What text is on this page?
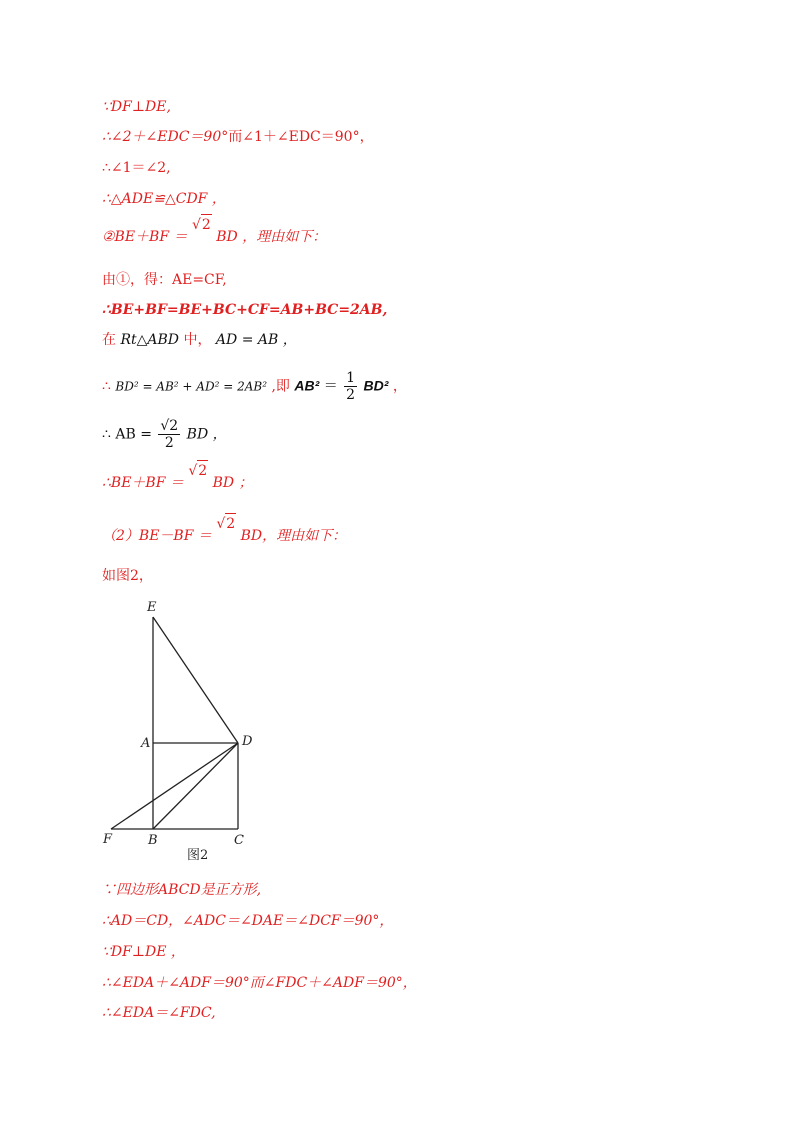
∵DF⊥DE,
∴∠2＋∠EDC＝90°而∠1＋∠EDC＝90°，
∴∠1＝∠2,
∴△ADE≌△CDF ，
②BE＋BF ＝ √2 BD ，理由如下：
由①，得：AE=CF,
∴BE+BF=BE+BC+CF=AB+BC=2AB,
在 Rt△ABD 中， AD = AB ，
∴ BD² = AB² + AD² = 2AB² ,即 $AB^2 = \frac{1}{2} BD^2$ ，
∴ AB = $\frac{√2}{2}$ BD ，
∴BE＋BF ＝ √2 BD ；
（2）BE－BF ＝ √2 BD，理由如下：
如图2，
E
A	D
F	B	C
图2
∵四边形ABCD是正方形,
∴AD＝CD，∠ADC＝∠DAE＝∠DCF＝90°，
∵DF⊥DE ，
∴∠EDA＋∠ADF＝90°而∠FDC＋∠ADF＝90°，
∴∠EDA＝∠FDC,
